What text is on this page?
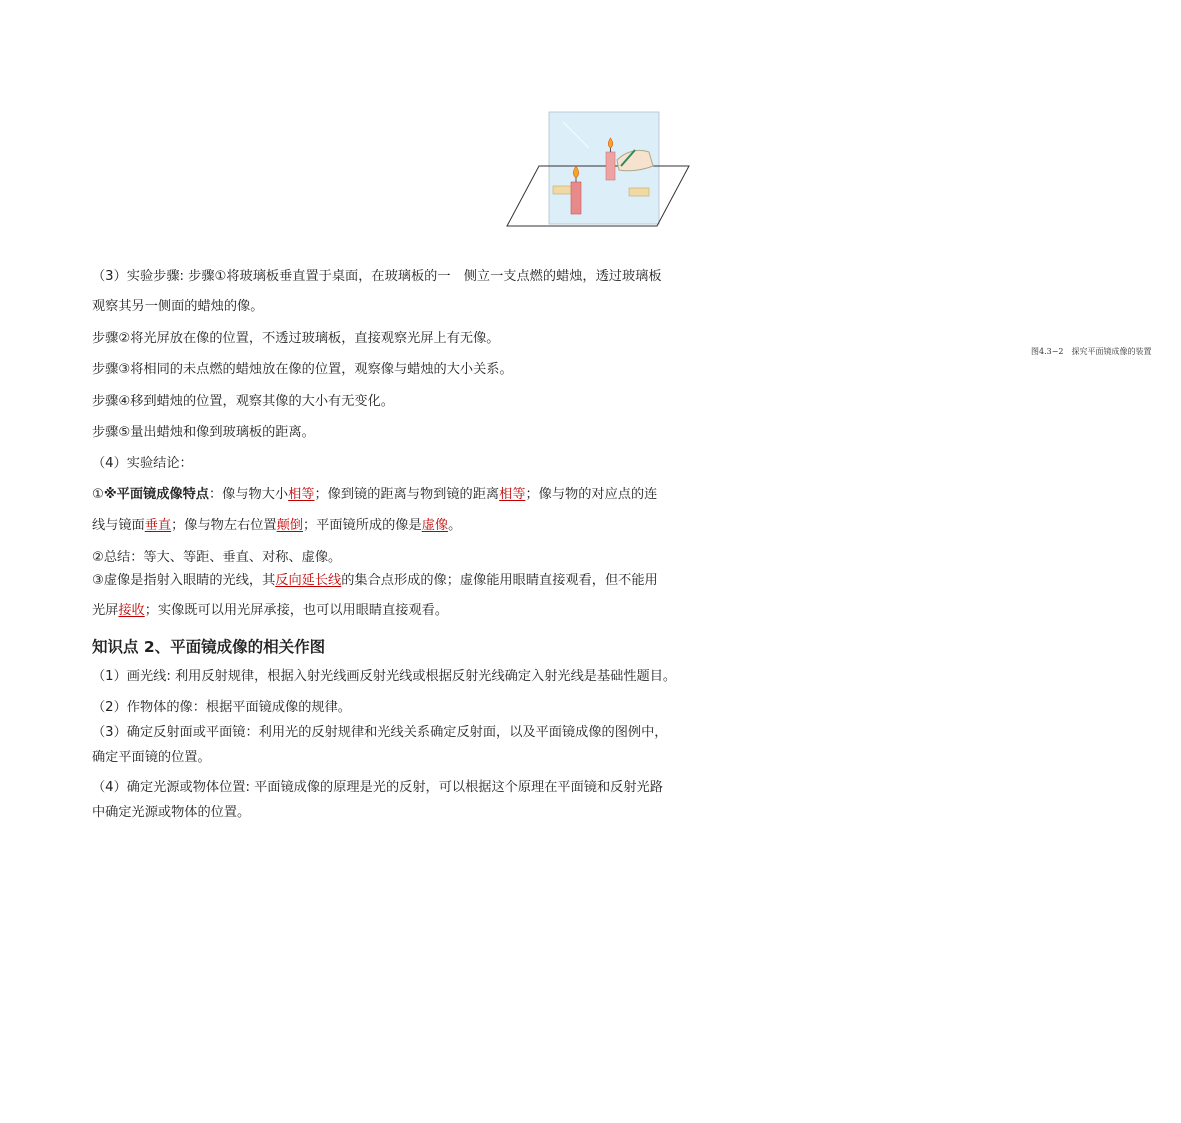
图4.3−2　探究平面镜成像的装置
（3）实验步骤: 步骤①将玻璃板垂直置于桌面，在玻璃板的一　侧立一支点燃的蜡烛，透过玻璃板
观察其另一侧面的蜡烛的像。
步骤②将光屏放在像的位置，不透过玻璃板，直接观察光屏上有无像。
步骤③将相同的未点燃的蜡烛放在像的位置，观察像与蜡烛的大小关系。
步骤④移到蜡烛的位置，观察其像的大小有无变化。
步骤⑤量出蜡烛和像到玻璃板的距离。
（4）实验结论：
①※平面镜成像特点：像与物大小相等；像到镜的距离与物到镜的距离相等；像与物的对应点的连
线与镜面垂直；像与物左右位置颠倒；平面镜所成的像是虚像。
②总结：等大、等距、垂直、对称、虚像。
③虚像是指射入眼睛的光线，其反向延长线的集合点形成的像；虚像能用眼睛直接观看，但不能用
光屏接收；实像既可以用光屏承接，也可以用眼睛直接观看。
知识点 2、平面镜成像的相关作图
（1）画光线: 利用反射规律，根据入射光线画反射光线或根据反射光线确定入射光线是基础性题目。
（2）作物体的像：根据平面镜成像的规律。
（3）确定反射面或平面镜：利用光的反射规律和光线关系确定反射面，以及平面镜成像的图例中，
确定平面镜的位置。
（4）确定光源或物体位置: 平面镜成像的原理是光的反射，可以根据这个原理在平面镜和反射光路
中确定光源或物体的位置。
